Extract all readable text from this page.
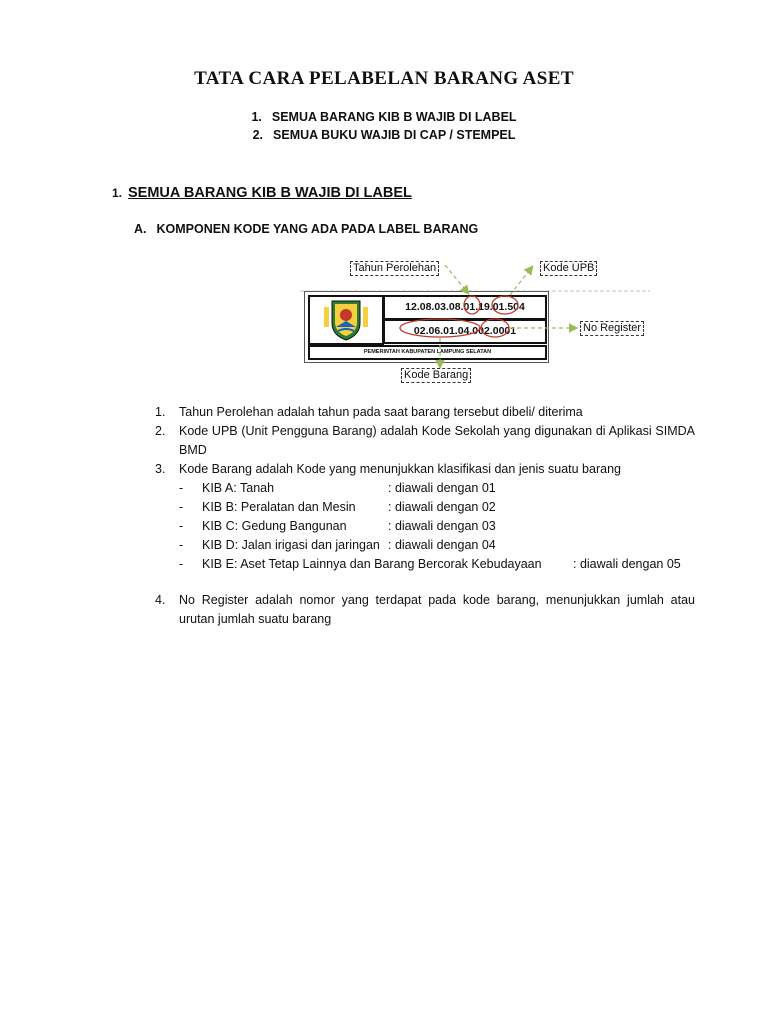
TATA CARA PELABELAN BARANG ASET
1. SEMUA BARANG KIB B WAJIB DI LABEL
2. SEMUA BUKU WAJIB DI CAP / STEMPEL
1. SEMUA BARANG KIB B WAJIB DI LABEL
A. KOMPONEN KODE YANG ADA PADA LABEL BARANG
12.08.03.08.01.19.01.504
02.06.01.04.002.0001
PEMERINTAH KABUPATEN LAMPUNG SELATAN
Tahun Perolehan	Kode UPB
No Register
Kode Barang
1. Tahun Perolehan adalah tahun pada saat barang tersebut dibeli/ diterima
2. Kode UPB (Unit Pengguna Barang) adalah Kode Sekolah yang digunakan di Aplikasi SIMDA BMD
3. Kode Barang adalah Kode yang menunjukkan klasifikasi dan jenis suatu barang
- KIB A: Tanah	: diawali dengan 01
- KIB B: Peralatan dan Mesin	: diawali dengan 02
- KIB C: Gedung Bangunan	: diawali dengan 03
- KIB D: Jalan irigasi dan jaringan : diawali dengan 04
- KIB E: Aset Tetap Lainnya dan Barang Bercorak Kebudayaan	: diawali dengan 05
4. No Register adalah nomor yang terdapat pada kode barang, menunjukkan jumlah atau urutan jumlah suatu barang
